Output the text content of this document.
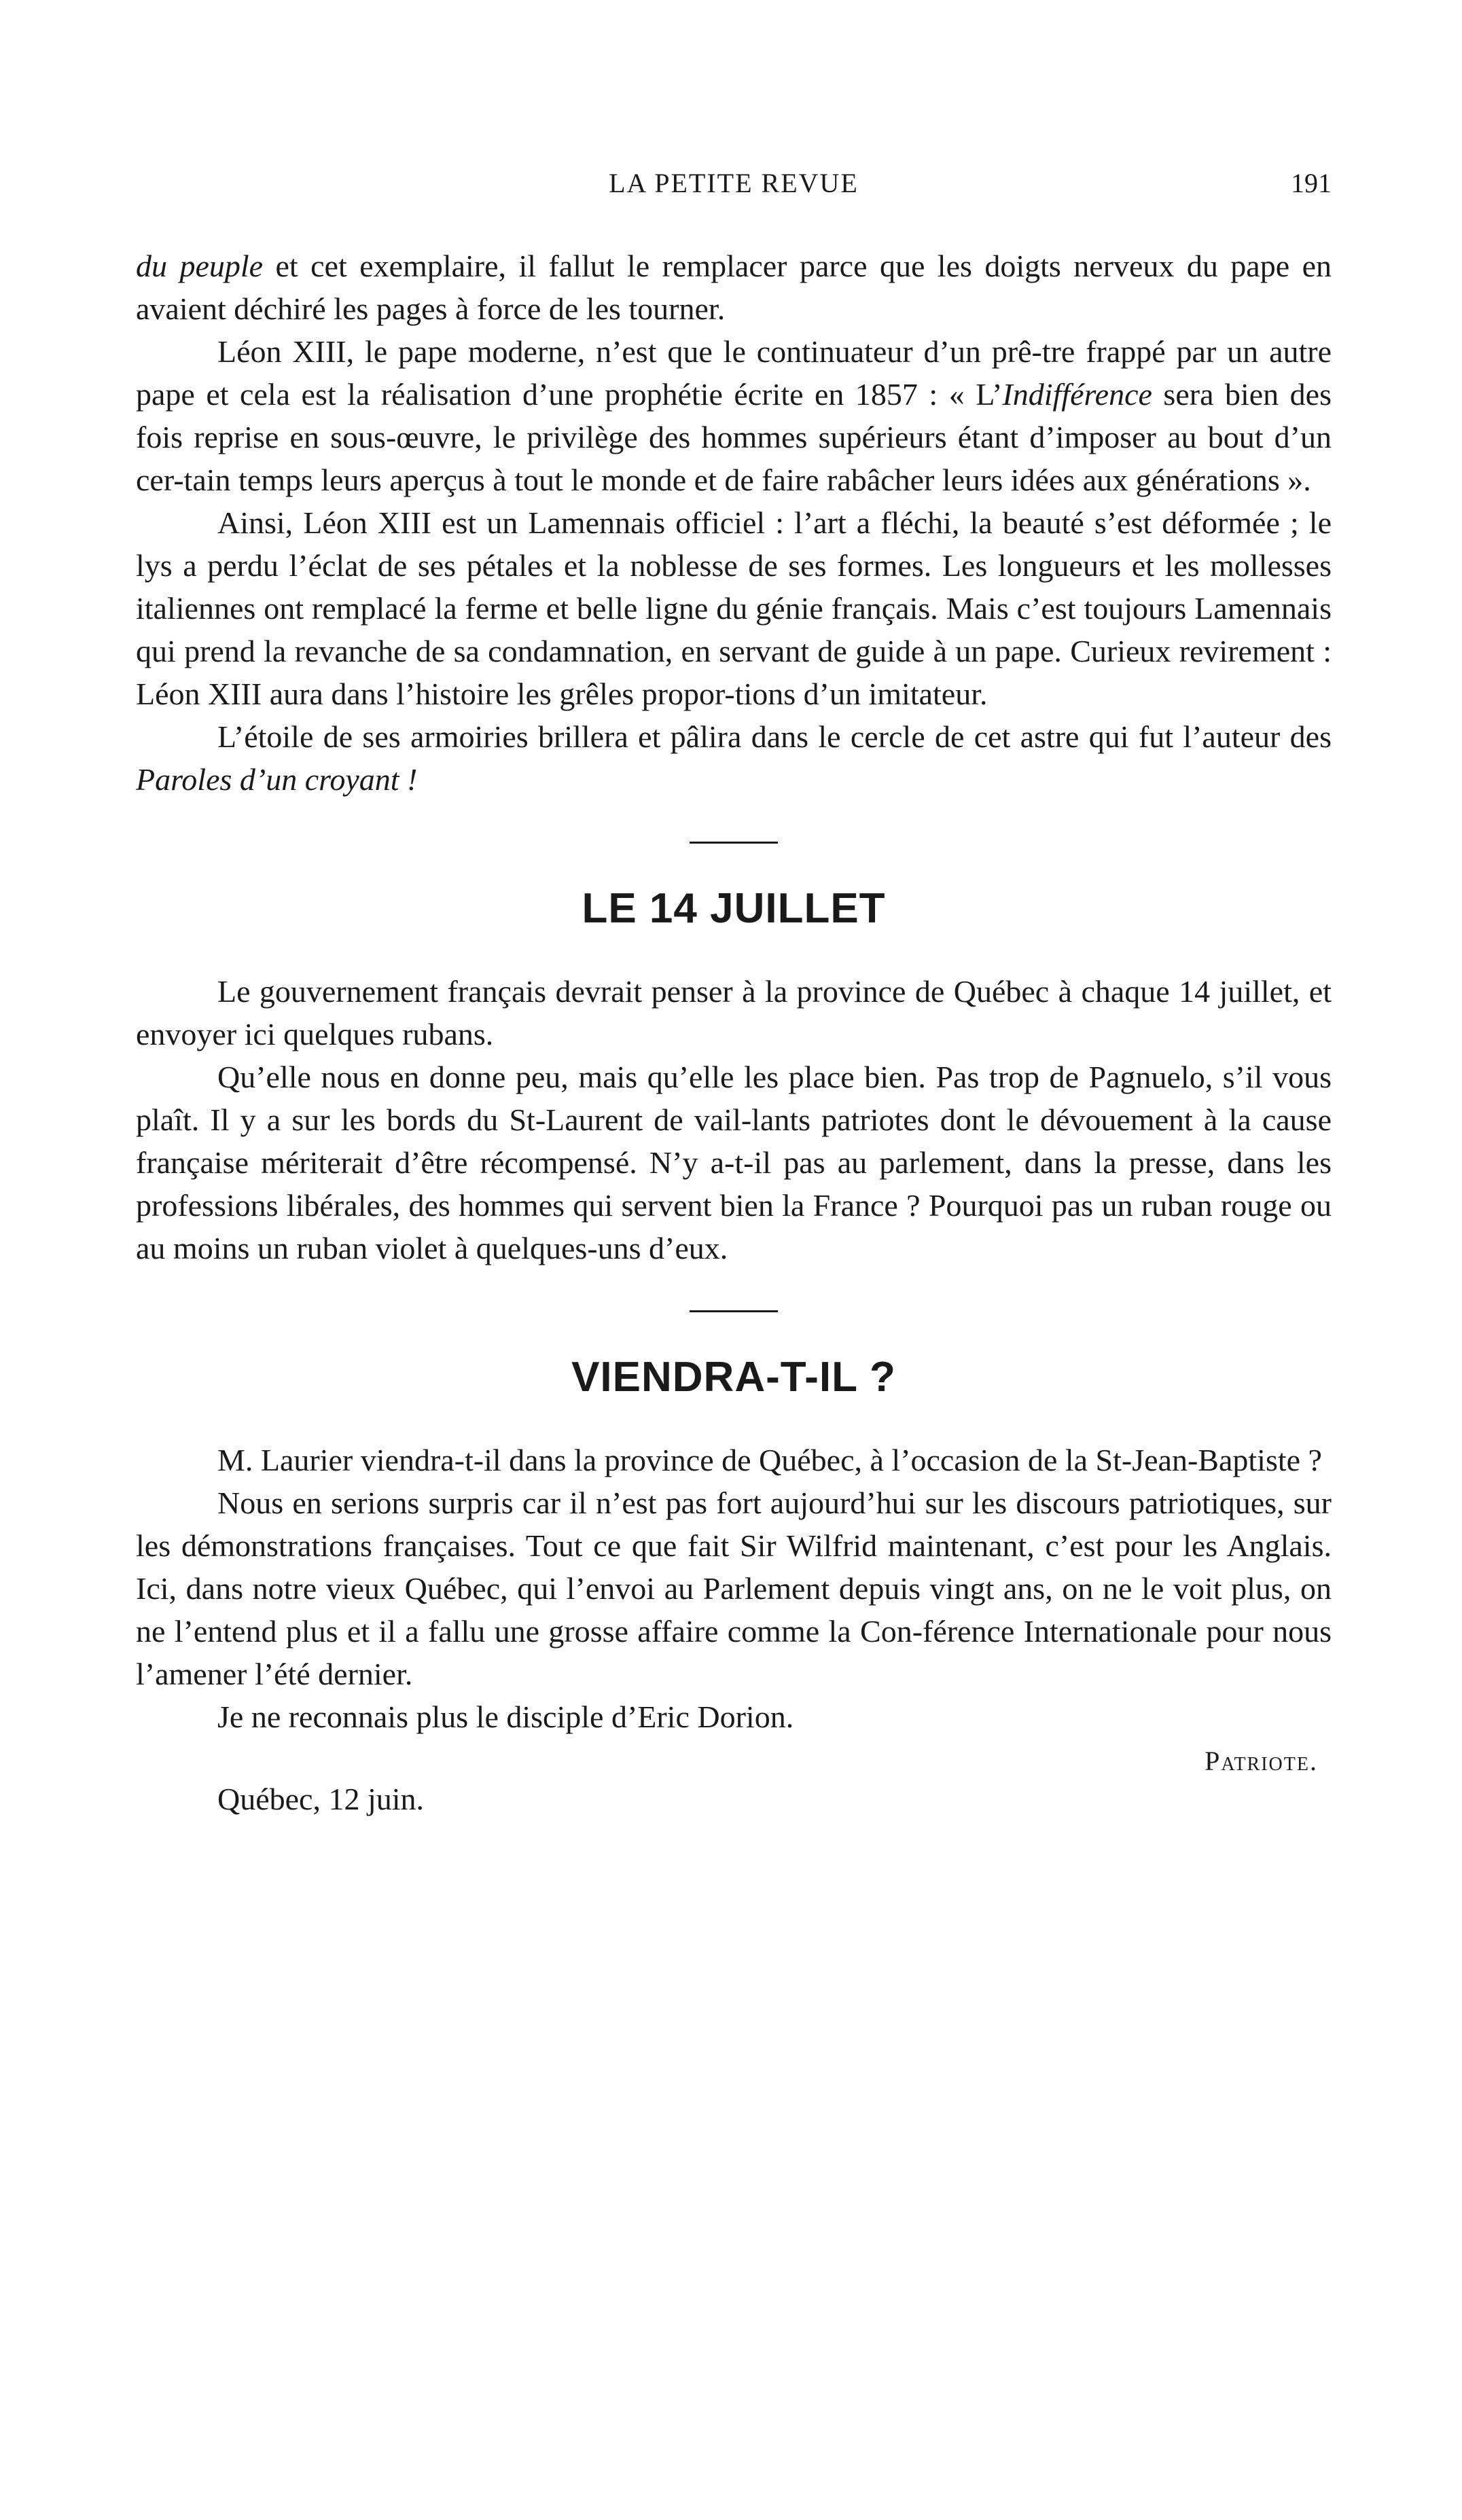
LA PETITE REVUE	191

du peuple et cet exemplaire, il fallut le remplacer parce que les doigts nerveux du pape en avaient déchiré les pages à force de les tourner.

Léon XIII, le pape moderne, n’est que le continuateur d’un prê-tre frappé par un autre pape et cela est la réalisation d’une prophétie écrite en 1857 : « L’Indifférence sera bien des fois reprise en sous-œuvre, le privilège des hommes supérieurs étant d’imposer au bout d’un cer-tain temps leurs aperçus à tout le monde et de faire rabâcher leurs idées aux générations ».

Ainsi, Léon XIII est un Lamennais officiel : l’art a fléchi, la beauté s’est déformée ; le lys a perdu l’éclat de ses pétales et la noblesse de ses formes. Les longueurs et les mollesses italiennes ont remplacé la ferme et belle ligne du génie français. Mais c’est toujours Lamennais qui prend la revanche de sa condamnation, en servant de guide à un pape. Curieux revirement : Léon XIII aura dans l’histoire les grêles propor-tions d’un imitateur.

L’étoile de ses armoiries brillera et pâlira dans le cercle de cet astre qui fut l’auteur des Paroles d’un croyant !

LE 14 JUILLET

Le gouvernement français devrait penser à la province de Québec à chaque 14 juillet, et envoyer ici quelques rubans.

Qu’elle nous en donne peu, mais qu’elle les place bien. Pas trop de Pagnuelo, s’il vous plaît. Il y a sur les bords du St-Laurent de vail-lants patriotes dont le dévouement à la cause française mériterait d’être récompensé. N’y a-t-il pas au parlement, dans la presse, dans les professions libérales, des hommes qui servent bien la France ? Pourquoi pas un ruban rouge ou au moins un ruban violet à quelques-uns d’eux.

VIENDRA-T-IL ?

M. Laurier viendra-t-il dans la province de Québec, à l’occasion de la St-Jean-Baptiste ?

Nous en serions surpris car il n’est pas fort aujourd’hui sur les discours patriotiques, sur les démonstrations françaises. Tout ce que fait Sir Wilfrid maintenant, c’est pour les Anglais. Ici, dans notre vieux Québec, qui l’envoi au Parlement depuis vingt ans, on ne le voit plus, on ne l’entend plus et il a fallu une grosse affaire comme la Con-férence Internationale pour nous l’amener l’été dernier.

Je ne reconnais plus le disciple d’Eric Dorion.

Patriote.
Québec, 12 juin.
